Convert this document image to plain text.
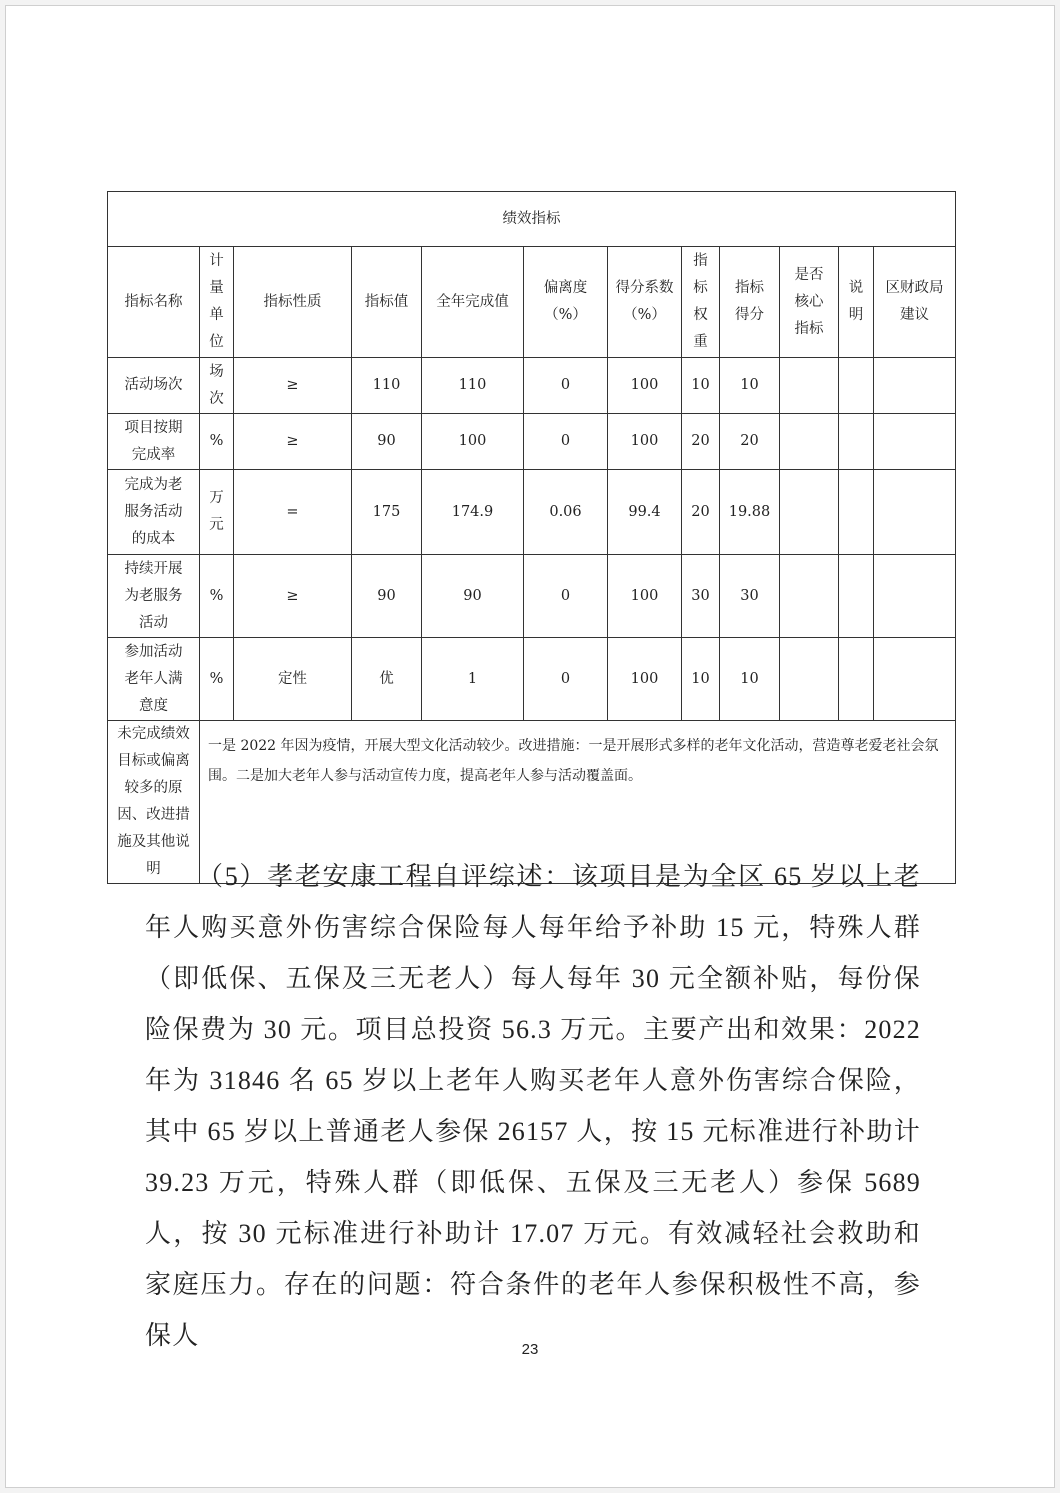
绩效指标											
指标名称	计量单位	指标性质	指标值	全年完成值	偏离度（%）	得分系数（%）	指标权重	指标得分	是否核心指标	说明	区财政局建议
活动场次	场次	≥	110	110	0	100	10	10			
项目按期完成率	%	≥	90	100	0	100	20	20			
完成为老服务活动的成本	万元	=	175	174.9	0.06	99.4	20	19.88			
持续开展为老服务活动	%	≥	90	90	0	100	30	30			
参加活动老年人满意度	%	定性	优	1	0	100	10	10			
未完成绩效目标或偏离较多的原因、改进措施及其他说明	一是 2022 年因为疫情，开展大型文化活动较少。改进措施：一是开展形式多样的老年文化活动，营造尊老爱老社会氛围。二是加大老年人参与活动宣传力度，提高老年人参与活动覆盖面。										
（5）孝老安康工程自评综述：该项目是为全区 65 岁以上老年人购买意外伤害综合保险每人每年给予补助 15 元，特殊人群（即低保、五保及三无老人）每人每年 30 元全额补贴，每份保险保费为 30 元。项目总投资 56.3 万元。主要产出和效果：2022 年为 31846 名 65 岁以上老年人购买老年人意外伤害综合保险，其中 65 岁以上普通老人参保 26157 人，按 15 元标准进行补助计 39.23 万元，特殊人群（即低保、五保及三无老人）参保 5689 人，按 30 元标准进行补助计 17.07 万元。有效减轻社会救助和家庭压力。存在的问题：符合条件的老年人参保积极性不高，参保人	23
